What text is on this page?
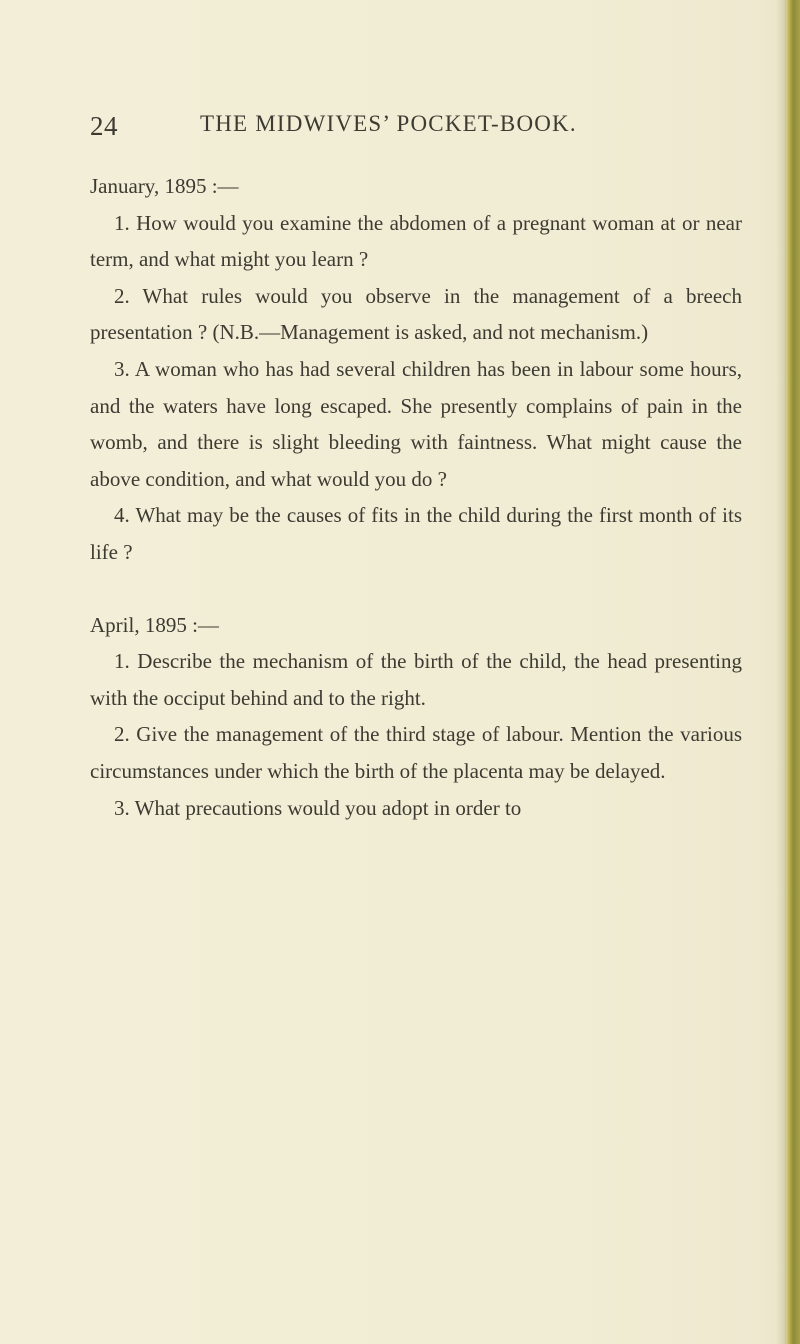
24	THE MIDWIVES’ POCKET-BOOK.

January, 1895 :—

1. How would you examine the abdomen of a pregnant woman at or near term, and what might you learn ?

2. What rules would you observe in the management of a breech presentation ? (N.B.—Management is asked, and not mechanism.)

3. A woman who has had several children has been in labour some hours, and the waters have long escaped. She presently complains of pain in the womb, and there is slight bleeding with faintness. What might cause the above condition, and what would you do ?

4. What may be the causes of fits in the child during the first month of its life ?

April, 1895 :—

1. Describe the mechanism of the birth of the child, the head presenting with the occiput behind and to the right.

2. Give the management of the third stage of labour. Mention the various circumstances under which the birth of the placenta may be delayed.

3. What precautions would you adopt in order to
